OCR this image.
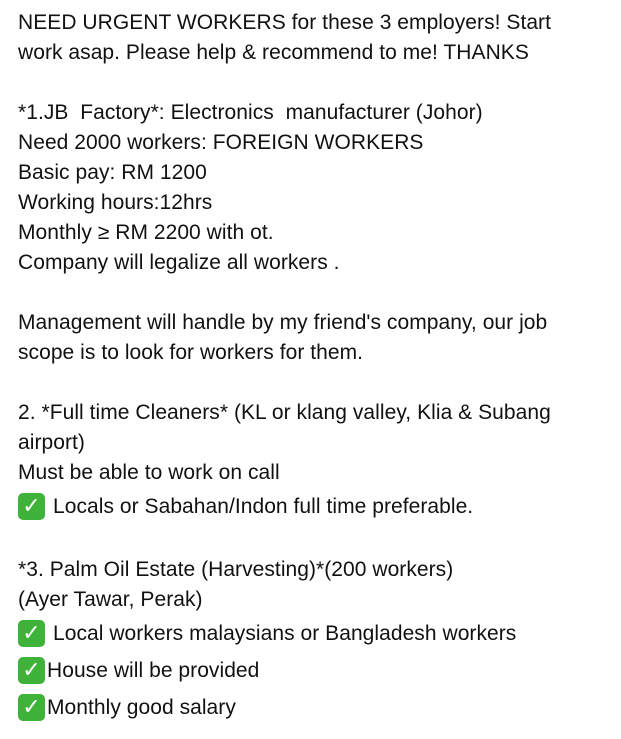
NEED URGENT WORKERS for these 3 employers! Start
work asap. Please help & recommend to me! THANKS
*1.JB  Factory*: Electronics  manufacturer (Johor)
Need 2000 workers: FOREIGN WORKERS
Basic pay: RM 1200
Working hours:12hrs
Monthly ≥ RM 2200 with ot.
Company will legalize all workers .
Management will handle by my friend's company, our job
scope is to look for workers for them.
2. *Full time Cleaners* (KL or klang valley, Klia & Subang
airport)
Must be able to work on call
✓ Locals or Sabahan/Indon full time preferable.
*3. Palm Oil Estate (Harvesting)*(200 workers)
(Ayer Tawar, Perak)
✓ Local workers malaysians or Bangladesh workers
✓ House will be provided
✓ Monthly good salary
